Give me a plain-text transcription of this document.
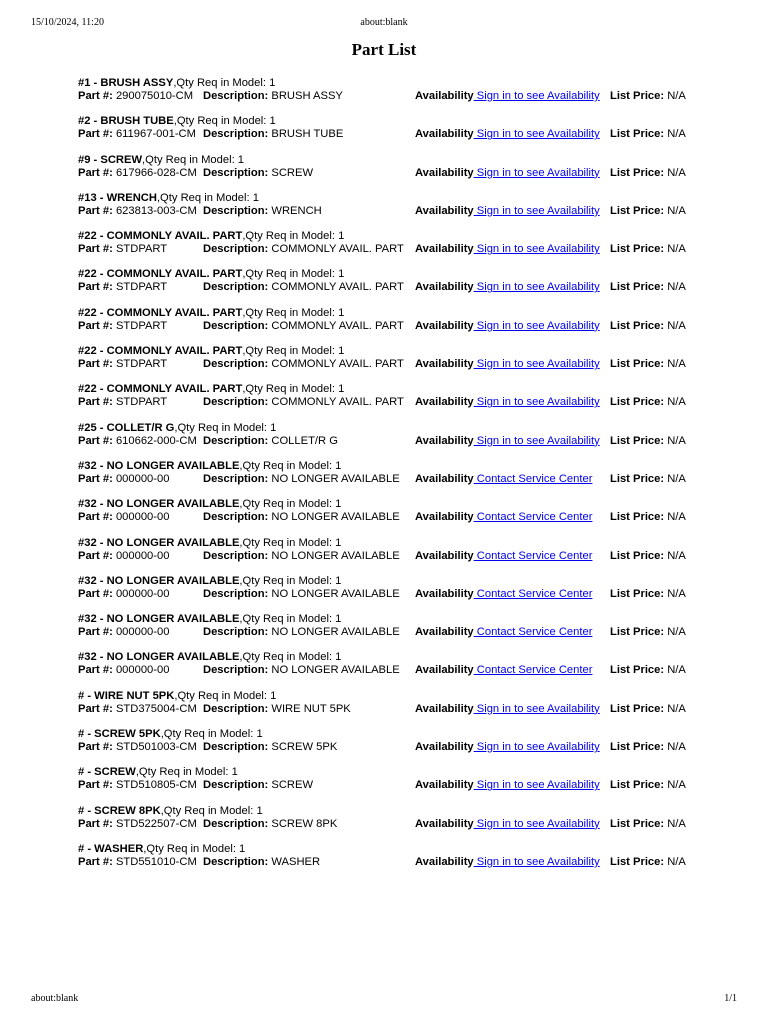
15/10/2024, 11:20	about:blank
Part List
#1 - BRUSH ASSY,Qty Req in Model: 1
Part #: 290075010-CM Description: BRUSH ASSY	Availability Sign in to see Availability List Price: N/A
#2 - BRUSH TUBE,Qty Req in Model: 1
Part #: 611967-001-CM Description: BRUSH TUBE	Availability Sign in to see Availability List Price: N/A
#9 - SCREW,Qty Req in Model: 1
Part #: 617966-028-CM Description: SCREW	Availability Sign in to see Availability List Price: N/A
#13 - WRENCH,Qty Req in Model: 1
Part #: 623813-003-CM Description: WRENCH	Availability Sign in to see Availability List Price: N/A
#22 - COMMONLY AVAIL. PART,Qty Req in Model: 1
Part #: STDPART	Description: COMMONLY AVAIL. PART Availability Sign in to see Availability List Price: N/A
#22 - COMMONLY AVAIL. PART,Qty Req in Model: 1
Part #: STDPART	Description: COMMONLY AVAIL. PART Availability Sign in to see Availability List Price: N/A
#22 - COMMONLY AVAIL. PART,Qty Req in Model: 1
Part #: STDPART	Description: COMMONLY AVAIL. PART Availability Sign in to see Availability List Price: N/A
#22 - COMMONLY AVAIL. PART,Qty Req in Model: 1
Part #: STDPART	Description: COMMONLY AVAIL. PART Availability Sign in to see Availability List Price: N/A
#22 - COMMONLY AVAIL. PART,Qty Req in Model: 1
Part #: STDPART	Description: COMMONLY AVAIL. PART Availability Sign in to see Availability List Price: N/A
#25 - COLLET/R G,Qty Req in Model: 1
Part #: 610662-000-CM Description: COLLET/R G	Availability Sign in to see Availability List Price: N/A
#32 - NO LONGER AVAILABLE,Qty Req in Model: 1
Part #: 000000-00	Description: NO LONGER AVAILABLE Availability Contact Service Center List Price: N/A
#32 - NO LONGER AVAILABLE,Qty Req in Model: 1
Part #: 000000-00	Description: NO LONGER AVAILABLE Availability Contact Service Center List Price: N/A
#32 - NO LONGER AVAILABLE,Qty Req in Model: 1
Part #: 000000-00	Description: NO LONGER AVAILABLE Availability Contact Service Center List Price: N/A
#32 - NO LONGER AVAILABLE,Qty Req in Model: 1
Part #: 000000-00	Description: NO LONGER AVAILABLE Availability Contact Service Center List Price: N/A
#32 - NO LONGER AVAILABLE,Qty Req in Model: 1
Part #: 000000-00	Description: NO LONGER AVAILABLE Availability Contact Service Center List Price: N/A
#32 - NO LONGER AVAILABLE,Qty Req in Model: 1
Part #: 000000-00	Description: NO LONGER AVAILABLE Availability Contact Service Center List Price: N/A
# - WIRE NUT 5PK,Qty Req in Model: 1
Part #: STD375004-CM Description: WIRE NUT 5PK	Availability Sign in to see Availability List Price: N/A
# - SCREW 5PK,Qty Req in Model: 1
Part #: STD501003-CM Description: SCREW 5PK	Availability Sign in to see Availability List Price: N/A
# - SCREW,Qty Req in Model: 1
Part #: STD510805-CM Description: SCREW	Availability Sign in to see Availability List Price: N/A
# - SCREW 8PK,Qty Req in Model: 1
Part #: STD522507-CM Description: SCREW 8PK	Availability Sign in to see Availability List Price: N/A
# - WASHER,Qty Req in Model: 1
Part #: STD551010-CM Description: WASHER	Availability Sign in to see Availability List Price: N/A
about:blank	1/1
